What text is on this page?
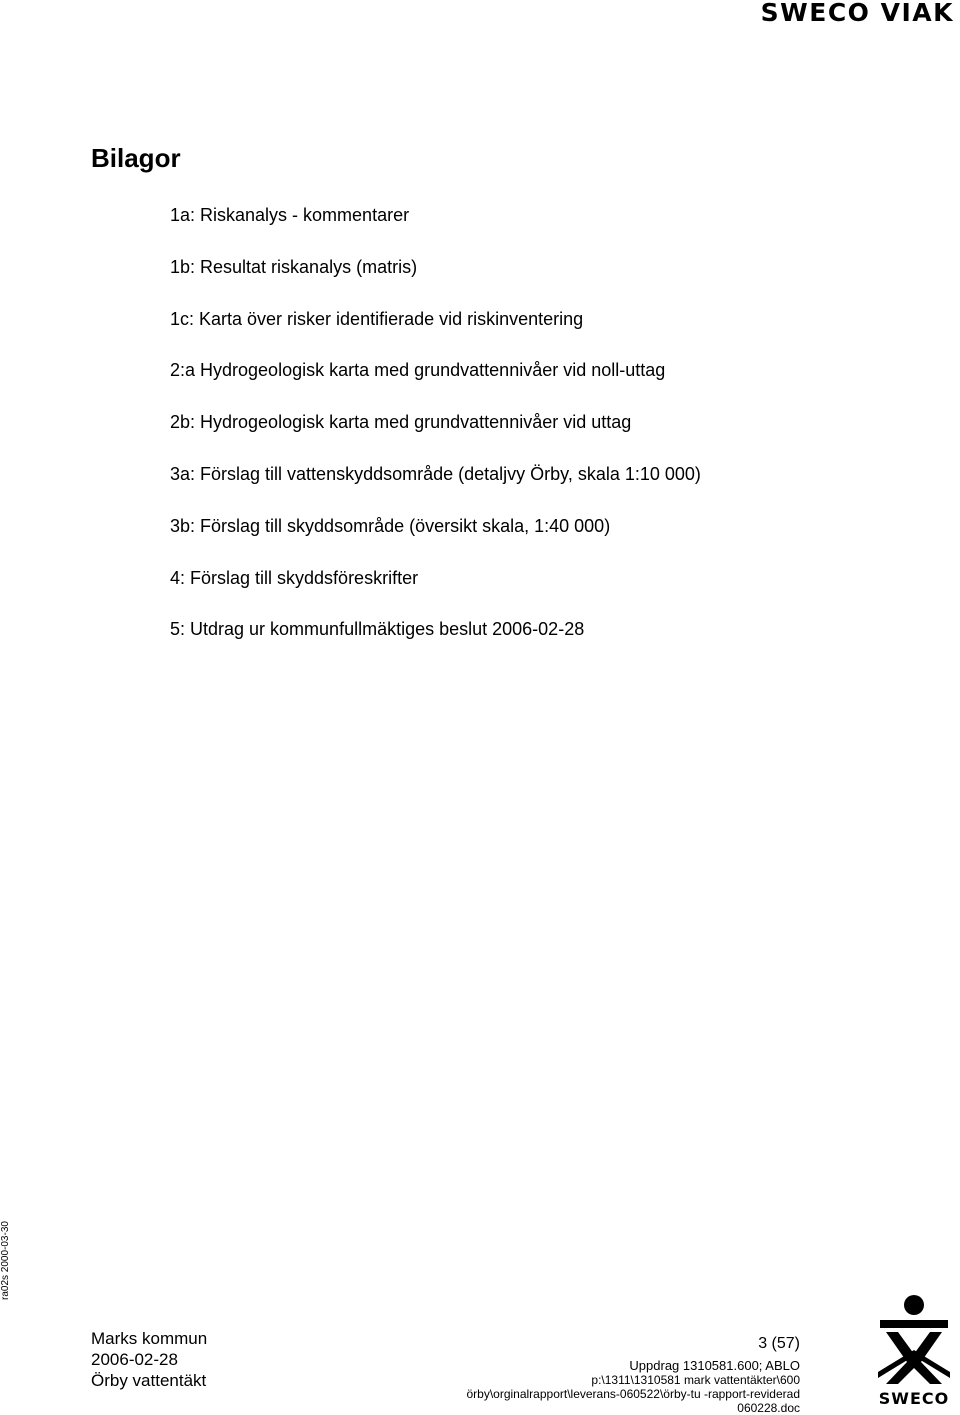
SWECO VIAK
Bilagor
1a: Riskanalys - kommentarer
1b: Resultat riskanalys (matris)
1c: Karta över risker identifierade vid riskinventering
2:a Hydrogeologisk karta med grundvattennivåer vid noll-uttag
2b: Hydrogeologisk karta med grundvattennivåer vid uttag
3a: Förslag till vattenskyddsområde (detaljvy Örby, skala 1:10 000)
3b: Förslag till skyddsområde (översikt skala, 1:40 000)
4: Förslag till skyddsföreskrifter
5: Utdrag ur kommunfullmäktiges beslut 2006-02-28
ra02s 2000-03-30
Marks kommun
2006-02-28
Örby vattentäkt
3 (57)
Uppdrag 1310581.600; ABLO
p:\1311\1310581 mark vattentäkter\600
örby\orginalrapport\leverans-060522\örby-tu -rapport-reviderad
060228.doc	SWECO
